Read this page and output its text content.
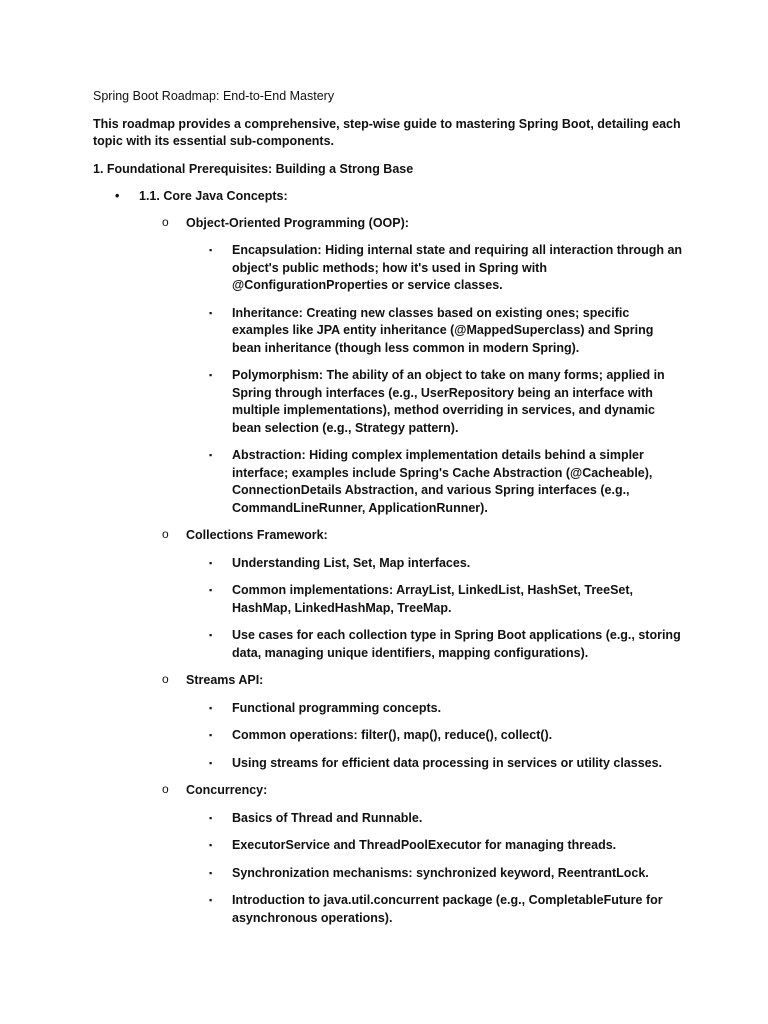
Spring Boot Roadmap: End-to-End Mastery
This roadmap provides a comprehensive, step-wise guide to mastering Spring Boot, detailing each topic with its essential sub-components.
1. Foundational Prerequisites: Building a Strong Base
• 1.1. Core Java Concepts:
o Object-Oriented Programming (OOP):
▪ Encapsulation: Hiding internal state and requiring all interaction through an object's public methods; how it's used in Spring with @ConfigurationProperties or service classes.
▪ Inheritance: Creating new classes based on existing ones; specific examples like JPA entity inheritance (@MappedSuperclass) and Spring bean inheritance (though less common in modern Spring).
▪ Polymorphism: The ability of an object to take on many forms; applied in Spring through interfaces (e.g., UserRepository being an interface with multiple implementations), method overriding in services, and dynamic bean selection (e.g., Strategy pattern).
▪ Abstraction: Hiding complex implementation details behind a simpler interface; examples include Spring's Cache Abstraction (@Cacheable), ConnectionDetails Abstraction, and various Spring interfaces (e.g., CommandLineRunner, ApplicationRunner).
o Collections Framework:
▪ Understanding List, Set, Map interfaces.
▪ Common implementations: ArrayList, LinkedList, HashSet, TreeSet, HashMap, LinkedHashMap, TreeMap.
▪ Use cases for each collection type in Spring Boot applications (e.g., storing data, managing unique identifiers, mapping configurations).
o Streams API:
▪ Functional programming concepts.
▪ Common operations: filter(), map(), reduce(), collect().
▪ Using streams for efficient data processing in services or utility classes.
o Concurrency:
▪ Basics of Thread and Runnable.
▪ ExecutorService and ThreadPoolExecutor for managing threads.
▪ Synchronization mechanisms: synchronized keyword, ReentrantLock.
▪ Introduction to java.util.concurrent package (e.g., CompletableFuture for asynchronous operations).
